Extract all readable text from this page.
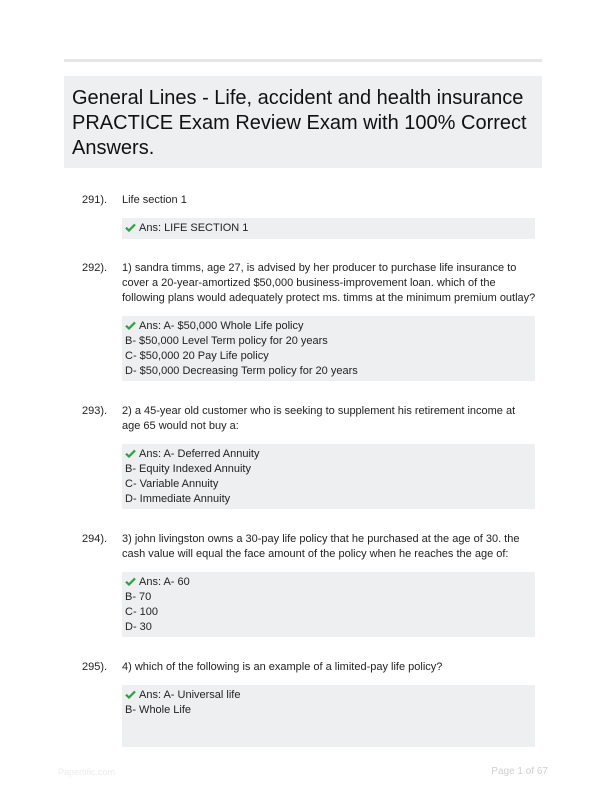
General Lines - Life, accident and health insurance PRACTICE Exam Review Exam with 100% Correct Answers.
291). Life section 1
Ans: LIFE SECTION 1
292). 1) sandra timms, age 27, is advised by her producer to purchase life insurance to cover a 20-year-amortized $50,000 business-improvement loan. which of the following plans would adequately protect ms. timms at the minimum premium outlay?
Ans: A- $50,000 Whole Life policy
B- $50,000 Level Term policy for 20 years
C- $50,000 20 Pay Life policy
D- $50,000 Decreasing Term policy for 20 years
293). 2) a 45-year old customer who is seeking to supplement his retirement income at age 65 would not buy a:
Ans: A- Deferred Annuity
B- Equity Indexed Annuity
C- Variable Annuity
D- Immediate Annuity
294). 3) john livingston owns a 30-pay life policy that he purchased at the age of 30. the cash value will equal the face amount of the policy when he reaches the age of:
Ans: A- 60
B- 70
C- 100
D- 30
295). 4) which of the following is an example of a limited-pay life policy?
Ans: A- Universal life
B- Whole Life
Papertific.com	Page 1 of 67
